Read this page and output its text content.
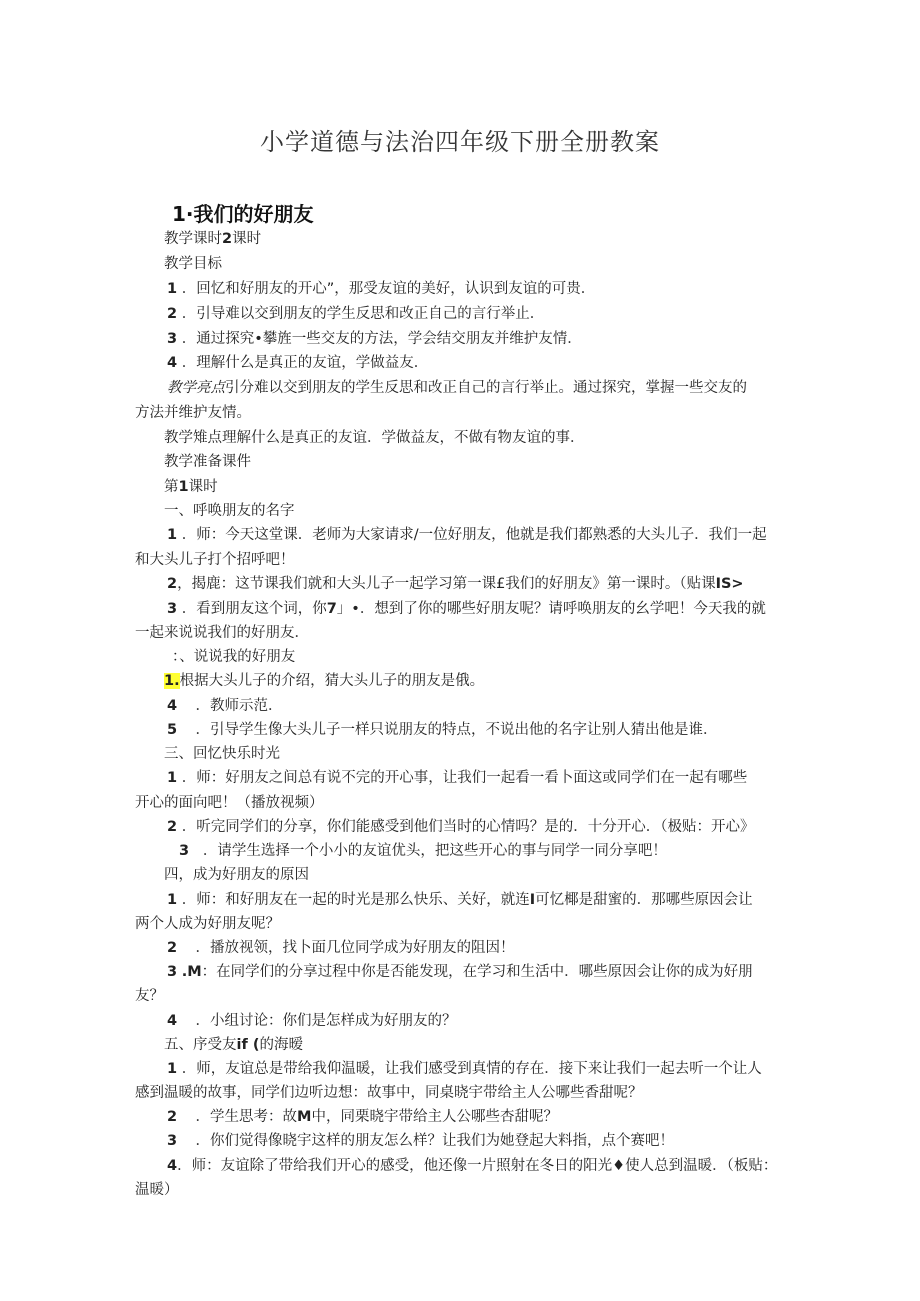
小学道德与法治四年级下册全册教案
1·我们的好朋友
教学课时2课时
教学目标
1 ．回忆和好朋友的开心”，那受友谊的美好，认识到友谊的可贵．
2 ．引导难以交到朋友的学生反思和改正自己的言行举止．
3 ．通过探究•攀旌一些交友的方法，学会结交朋友并维护友情．
4 ．理解什么是真正的友谊，学做益友．
教学亮点引分难以交到朋友的学生反思和改正自己的言行举止。通过探究，掌握一些交友的
方法并维护友情。
教学雉点理解什么是真正的友谊．学做益友，不做有物友谊的事．
教学准备课件
第1课时
一、呼唤朋友的名字
1 ．师：今天这堂课．老师为大家请求/一位好朋友，他就是我们都熟悉的大头儿子．我们一起
和大头儿子打个招呼吧！
2，揭鹿：这节课我们就和大头儿子一起学习第一课£我们的好朋友》第一课时。（贴课IS>
3 ．看到朋友这个词，你7」•．想到了你的哪些好朋友呢？请呼唤朋友的幺学吧！今天我的就
一起来说说我们的好朋友．
：、说说我的好朋友
1.根据大头儿子的介绍，猜大头儿子的朋友是俄。
4 ．教师示范．
5 ．引导学生像大头儿子一样只说朋友的特点，不说出他的名字让别人猜出他是谁．
三、回忆快乐时光
1 ．师：好朋友之间总有说不完的开心事，让我们一起看一看卜面这或同学们在一起有哪些
开心的面向吧！（播放视频）
2 ．听完同学们的分享，你们能感受到他们当时的心情吗？是的．十分开心．（极贴：开心》
3 ．请学生选择一个小小的友谊优头，把这些开心的事与同学一同分享吧！
四，成为好朋友的原因
1 ．师：和好朋友在一起的时光是那么快乐、关好，就连I可忆椰是甜蜜的．那哪些原因会让
两个人成为好朋友呢？
2 ．播放视领，找卜面几位同学成为好朋友的阻因！
3 .M：在同学们的分享过程中你是否能发现，在学习和生活中．哪些原因会让你的成为好朋
友？
4 ．小组讨论：你们是怎样成为好朋友的？
五、序受友if (的海暧
1 ．师，友谊总是带给我仰温暖，让我们感受到真情的存在．接下来让我们一起去听一个让人
感到温暖的故事，同学们边听边想：故事中，同桌晓宇带给主人公哪些香甜呢？
2 ．学生思考：故M中，同栗晓宇带给主人公哪些杏甜呢？
3 ．你们觉得像晓宇这样的朋友怎么样？让我们为她登起大料指，点个赛吧！
4．师：友谊除了带给我们开心的感受，他还像一片照射在冬日的阳光♦使人总到温暖．（板贴：
温暖）
